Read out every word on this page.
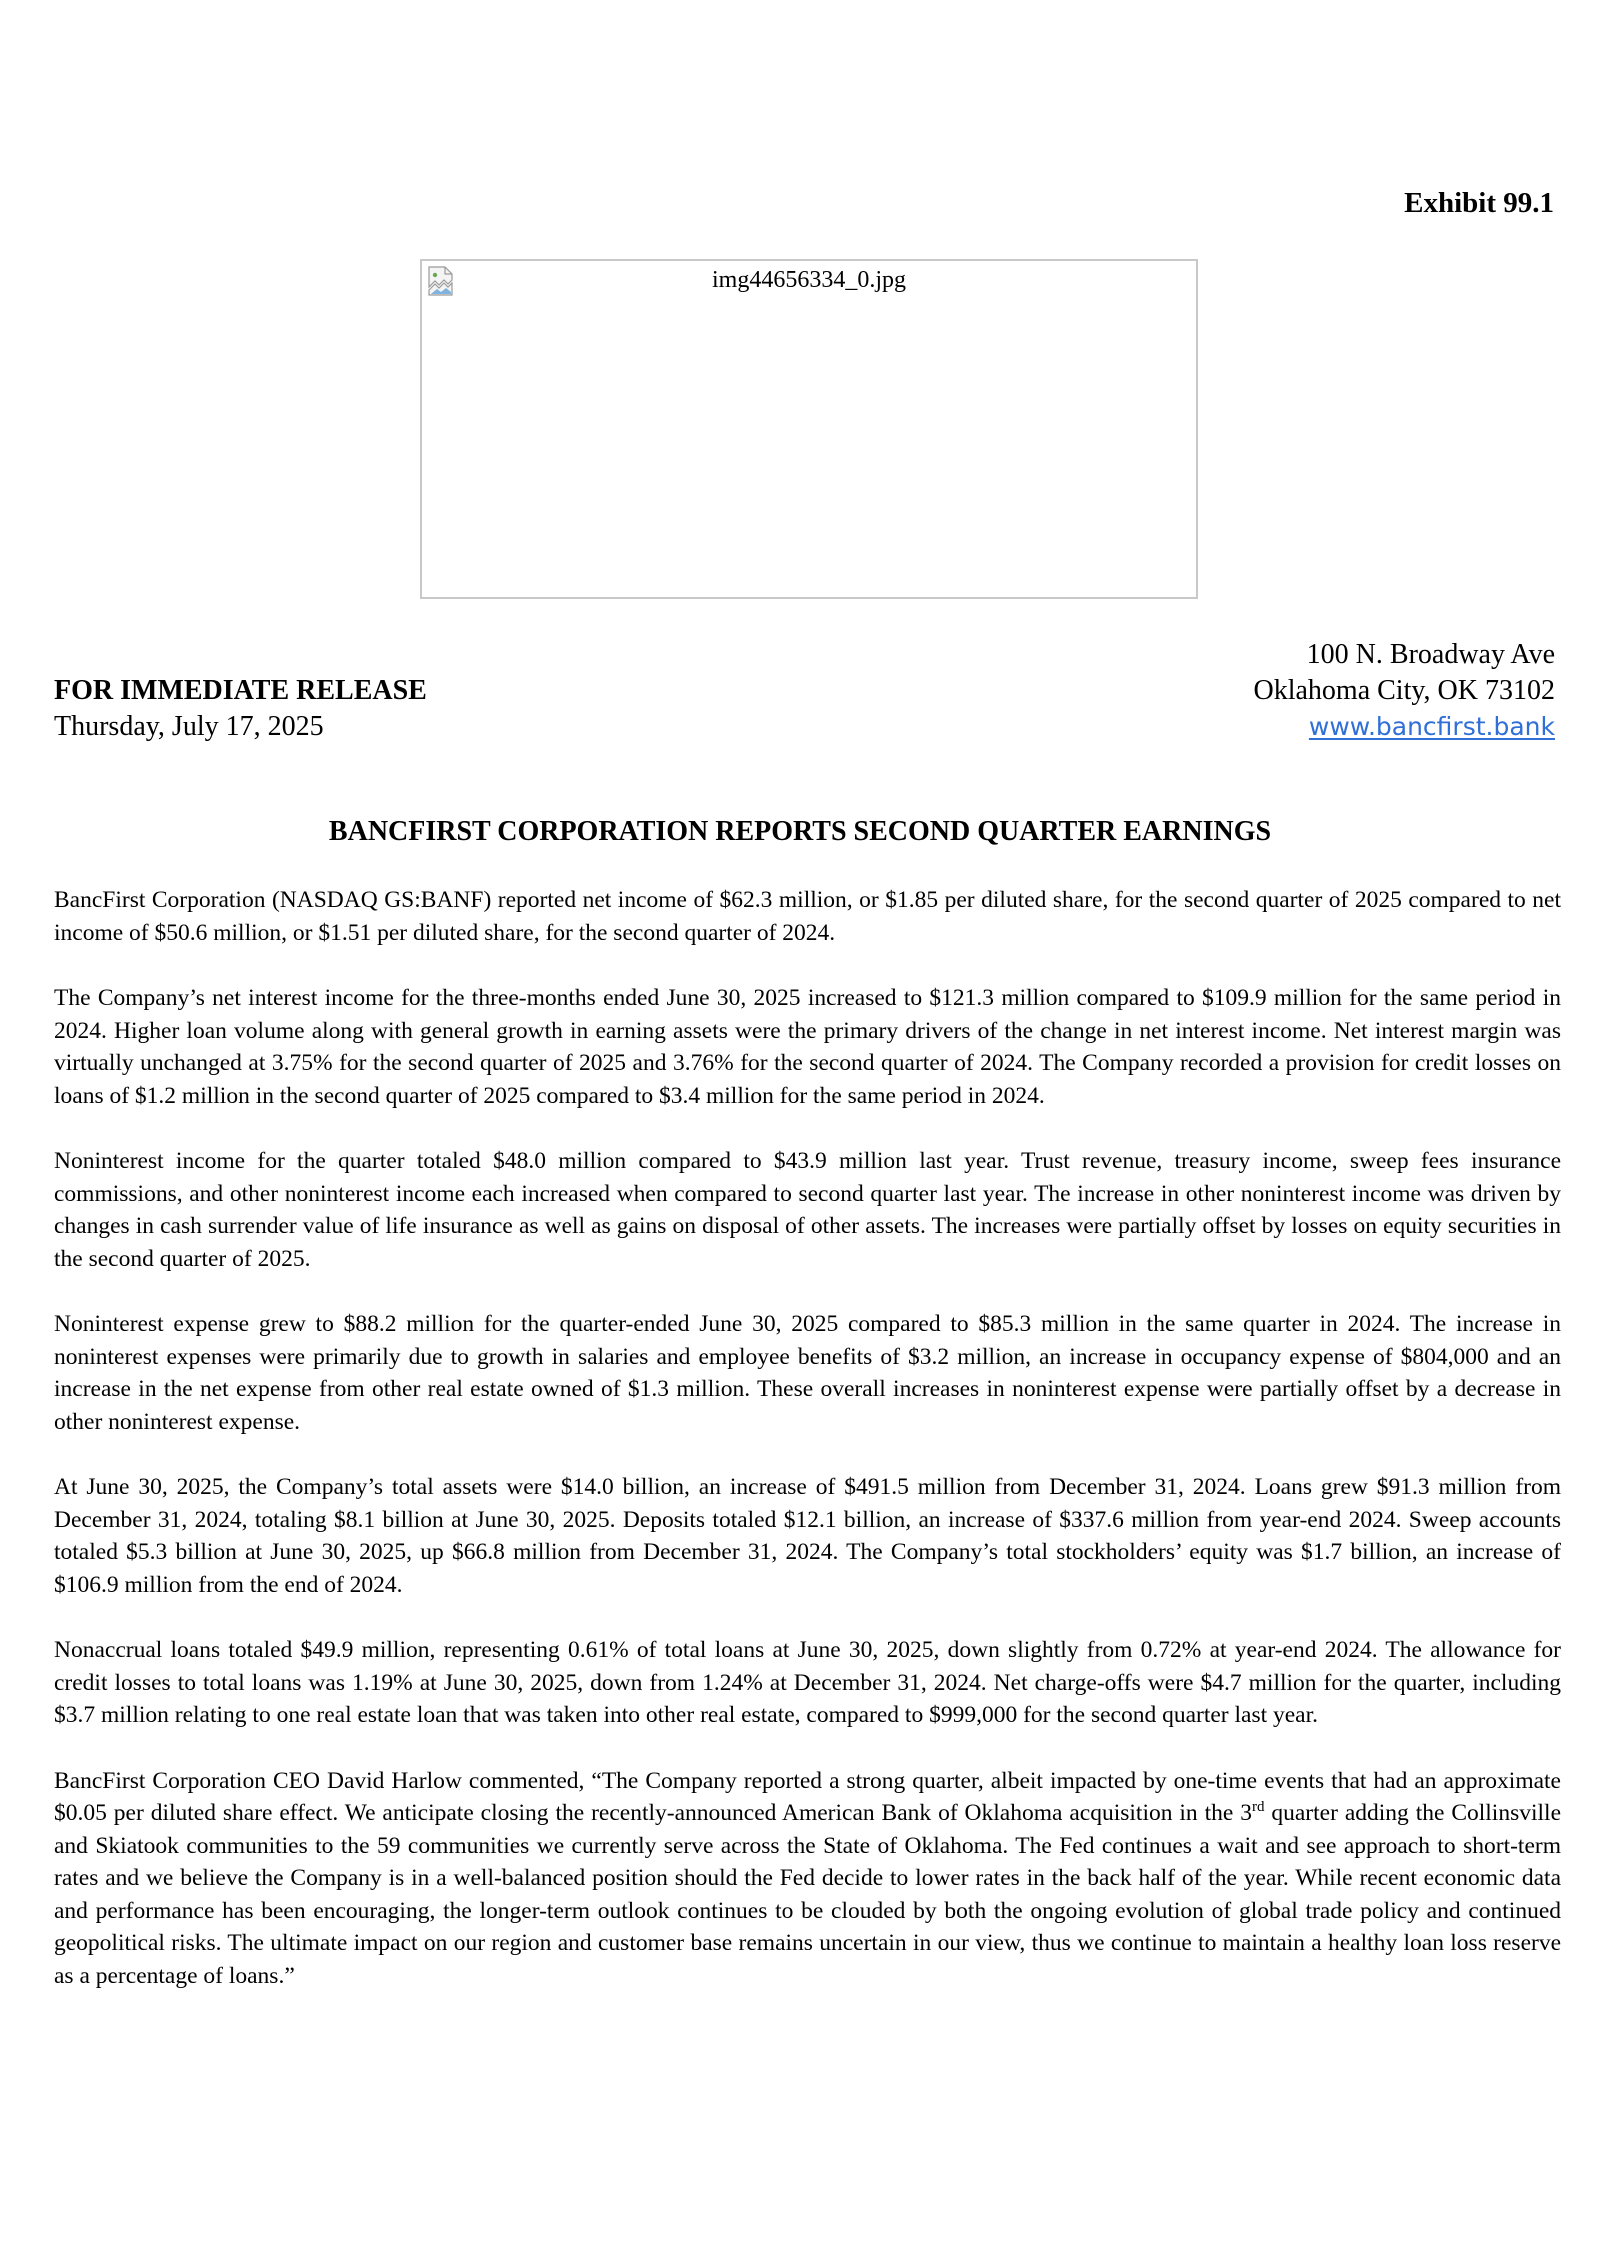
Exhibit 99.1
img44656334_0.jpg
100 N. Broadway Ave
Oklahoma City, OK 73102
www.bancfirst.bank
FOR IMMEDIATE RELEASE
Thursday, July 17, 2025
BANCFIRST CORPORATION REPORTS SECOND QUARTER EARNINGS

BancFirst Corporation (NASDAQ GS:BANF) reported net income of $62.3 million, or $1.85 per diluted share, for the second quarter of 2025 compared to net income of $50.6 million, or $1.51 per diluted share, for the second quarter of 2024.

The Company’s net interest income for the three-months ended June 30, 2025 increased to $121.3 million compared to $109.9 million for the same period in 2024. Higher loan volume along with general growth in earning assets were the primary drivers of the change in net interest income. Net interest margin was virtually unchanged at 3.75% for the second quarter of 2025 and 3.76% for the second quarter of 2024. The Company recorded a provision for credit losses on loans of $1.2 million in the second quarter of 2025 compared to $3.4 million for the same period in 2024.

Noninterest income for the quarter totaled $48.0 million compared to $43.9 million last year. Trust revenue, treasury income, sweep fees insurance commissions, and other noninterest income each increased when compared to second quarter last year. The increase in other noninterest income was driven by changes in cash surrender value of life insurance as well as gains on disposal of other assets. The increases were partially offset by losses on equity securities in the second quarter of 2025.

Noninterest expense grew to $88.2 million for the quarter-ended June 30, 2025 compared to $85.3 million in the same quarter in 2024. The increase in noninterest expenses were primarily due to growth in salaries and employee benefits of $3.2 million, an increase in occupancy expense of $804,000 and an increase in the net expense from other real estate owned of $1.3 million. These overall increases in noninterest expense were partially offset by a decrease in other noninterest expense.

At June 30, 2025, the Company’s total assets were $14.0 billion, an increase of $491.5 million from December 31, 2024. Loans grew $91.3 million from December 31, 2024, totaling $8.1 billion at June 30, 2025. Deposits totaled $12.1 billion, an increase of $337.6 million from year-end 2024. Sweep accounts totaled $5.3 billion at June 30, 2025, up $66.8 million from December 31, 2024. The Company’s total stockholders’ equity was $1.7 billion, an increase of $106.9 million from the end of 2024.

Nonaccrual loans totaled $49.9 million, representing 0.61% of total loans at June 30, 2025, down slightly from 0.72% at year-end 2024. The allowance for credit losses to total loans was 1.19% at June 30, 2025, down from 1.24% at December 31, 2024. Net charge-offs were $4.7 million for the quarter, including $3.7 million relating to one real estate loan that was taken into other real estate, compared to $999,000 for the second quarter last year.

BancFirst Corporation CEO David Harlow commented, “The Company reported a strong quarter, albeit impacted by one-time events that had an approximate $0.05 per diluted share effect. We anticipate closing the recently-announced American Bank of Oklahoma acquisition in the 3rd quarter adding the Collinsville and Skiatook communities to the 59 communities we currently serve across the State of Oklahoma. The Fed continues a wait and see approach to short-term rates and we believe the Company is in a well-balanced position should the Fed decide to lower rates in the back half of the year. While recent economic data and performance has been encouraging, the longer-term outlook continues to be clouded by both the ongoing evolution of global trade policy and continued geopolitical risks. The ultimate impact on our region and customer base remains uncertain in our view, thus we continue to maintain a healthy loan loss reserve as a percentage of loans.”
